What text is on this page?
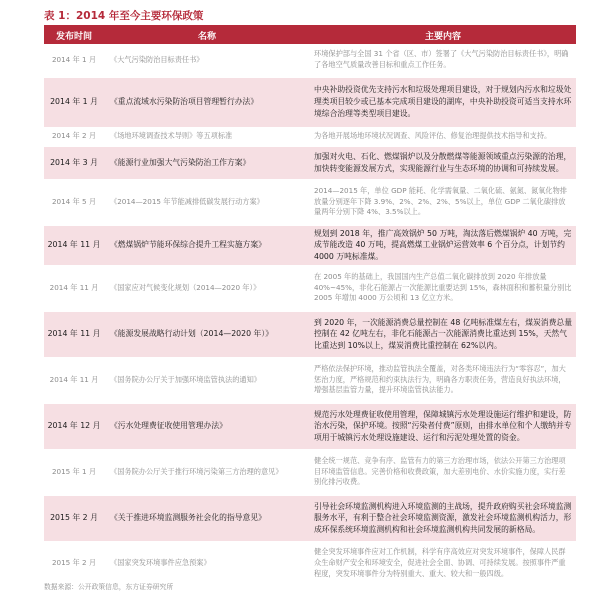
表 1：2014 年至今主要环保政策
发布时间	名称	主要内容
2014 年 1 月	《大气污染防治目标责任书》	环境保护部与全国 31 个省（区、市）签署了《大气污染防治目标责任书》，明确了各地空气质量改善目标和重点工作任务。
2014 年 1 月	《重点流域水污染防治项目管理暂行办法》	中央补助投资优先支持污水和垃圾处理项目建设，对于规划内污水和垃圾处理类项目较少或已基本完成项目建设的湖库，中央补助投资可适当支持水环境综合治理等类型项目建设。
2014 年 2 月	《场地环境调查技术导则》等五项标准	为各地开展场地环境状况调查、风险评估、修复治理提供技术指导和支持。
2014 年 3 月	《能源行业加强大气污染防治工作方案》	加强对火电、石化、燃煤锅炉以及分散燃煤等能源领域重点污染源的治理，加快转变能源发展方式，实现能源行业与生态环境的协调和可持续发展。
2014 年 5 月	《2014—2015 年节能减排低碳发展行动方案》	2014—2015 年，单位 GDP 能耗、化学需氧量、二氧化硫、氨氮、氮氧化物排放量分别逐年下降 3.9%、2%、2%、2%、5%以上，单位 GDP 二氧化碳排放量两年分别下降 4%、3.5%以上。
2014 年 11 月	《燃煤锅炉节能环保综合提升工程实施方案》	规划到 2018 年，推广高效锅炉 50 万吨，淘汰落后燃煤锅炉 40 万吨，完成节能改造 40 万吨，提高燃煤工业锅炉运营效率 6 个百分点，计划节约 4000 万吨标准煤。
2014 年 11 月	《国家应对气候变化规划（2014—2020 年）》	在 2005 年的基础上，我国国内生产总值二氧化碳排放到 2020 年排放量 40%~45%，非化石能源占一次能源比重要达到 15%，森林面积和蓄积量分别比 2005 年增加 4000 万公顷和 13 亿立方米。
2014 年 11 月	《能源发展战略行动计划（2014—2020 年）》	到 2020 年，一次能源消费总量控制在 48 亿吨标准煤左右，煤炭消费总量控制在 42 亿吨左右，非化石能源占一次能源消费比重达到 15%，天然气比重达到 10%以上，煤炭消费比重控制在 62%以内。
2014 年 11 月	《国务院办公厅关于加强环境监管执法的通知》	严格依法保护环境，推动监管执法全覆盖，对各类环境违法行为“零容忍”，加大惩治力度，严格规范和约束执法行为，明确各方职责任务，营造良好执法环境，增强基层监管力量，提升环境监管执法能力。
2014 年 12 月	《污水处理费征收使用管理办法》	规范污水处理费征收使用管理，保障城镇污水处理设施运行维护和建设，防治水污染，保护环境。按照“污染者付费”原则，由排水单位和个人缴纳并专项用于城镇污水处理设施建设、运行和污泥处理处置的资金。
2015 年 1 月	《国务院办公厅关于推行环境污染第三方治理的意见》	健全统一规范、竞争有序、监管有力的第三方治理市场，依法公开第三方治理项目环境监管信息。完善价格和收费政策，加大差别电价、水价实施力度，实行差别化排污收费。
2015 年 2 月	《关于推进环境监测服务社会化的指导意见》	引导社会环境监测机构进入环境监测的主战场，提升政府购买社会环境监测服务水平，有利于整合社会环境监测资源，激发社会环境监测机构活力，形成环保系统环境监测机构和社会环境监测机构共同发展的新格局。
2015 年 2 月	《国家突发环境事件应急预案》	健全突发环境事件应对工作机制，科学有序高效应对突发环境事件，保障人民群众生命财产安全和环境安全，促进社会全面、协调、可持续发展。按照事件严重程度，突发环境事件分为特别重大、重大、较大和一般四级。
数据来源：公开政策信息，东方证券研究所
